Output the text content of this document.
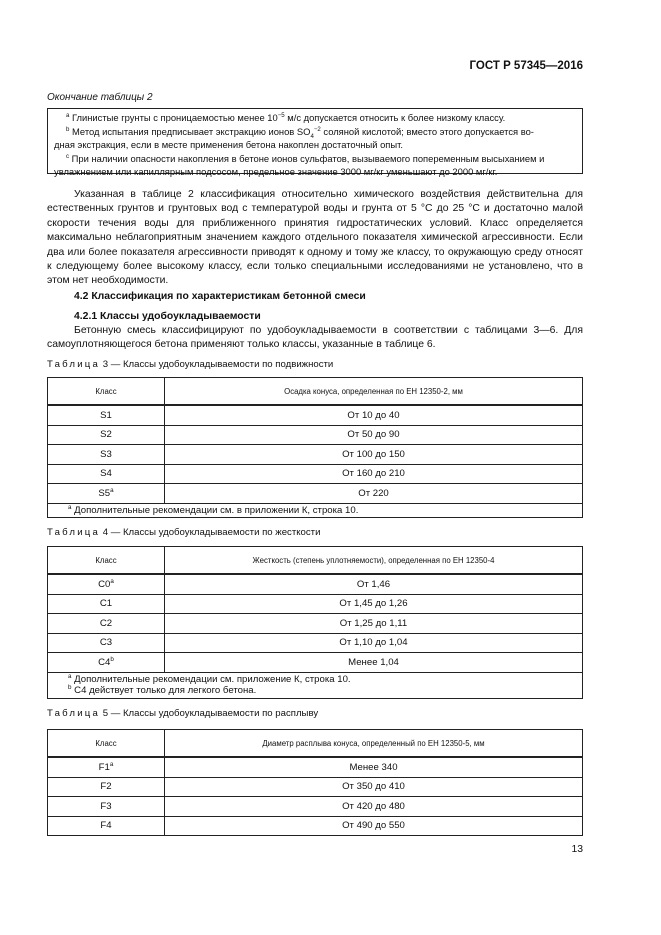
ГОСТ Р 57345—2016
Окончание таблицы 2

$^a$ Глинистые грунты с проницаемостью менее $10^{-5}$ м/с допускается относить к более низкому классу.

$^b$ Метод испытания предписывает экстракцию ионов $SO_4^{-2}$ соляной кислотой; вместо этого допускается во-

дная экстракция, если в месте применения бетона накоплен достаточный опыт.

$^c$ При наличии опасности накопления в бетоне ионов сульфатов, вызываемого попеременным высыханием и

увлажнением или капиллярным подсосом, предельное значение 3000 мг/кг уменьшают до 2000 мг/кг.

Указанная в таблице 2 классификация относительно химического воздействия действительна для естественных грунтов и грунтовых вод с температурой воды и грунта от 5 °С до 25 °С и достаточно малой скорости течения воды для приближенного принятия гидростатических условий. Класс определяется максимально неблагоприятным значением каждого отдельного показателя химической агрессивности. Если два или более показателя агрессивности приводят к одному и тому же классу, то окружающую среду относят к следующему более высокому классу, если только специальными исследованиями не установлено, что в этом нет необходимости.

4.2 Классификация по характеристикам бетонной смеси

4.2.1 Классы удобоукладываемости

Бетонную смесь классифицируют по удобоукладываемости в соответствии с таблицами 3—6. Для самоуплотняющегося бетона применяют только классы, указанные в таблице 6.

Таблица 3 — Классы удобоукладываемости по подвижности

Класс	Осадка конуса, определенная по ЕН 12350-2, мм
S1	От 10 до 40
S2	От 50 до 90
S3	От 100 до 150
S4	От 160 до 210
S5$^a$	От 220
$^a$ Дополнительные рекомендации см. в приложении К, строка 10.	

Таблица 4 — Классы удобоукладываемости по жесткости

Класс	Жесткость (степень уплотняемости), определенная по ЕН 12350-4
C0$^a$	От 1,46
C1	От 1,45 до 1,26
C2	От 1,25 до 1,11
C3	От 1,10 до 1,04
C4$^b$	Менее 1,04
$^a$ Дополнительные рекомендации см. приложение К, строка 10.
$^b$ С4 действует только для легкого бетона.	

Таблица 5 — Классы удобоукладываемости по расплыву

Класс	Диаметр расплыва конуса, определенный по ЕН 12350-5, мм
F1$^a$	Менее 340
F2	От 350 до 410
F3	От 420 до 480
F4	От 490 до 550
13
